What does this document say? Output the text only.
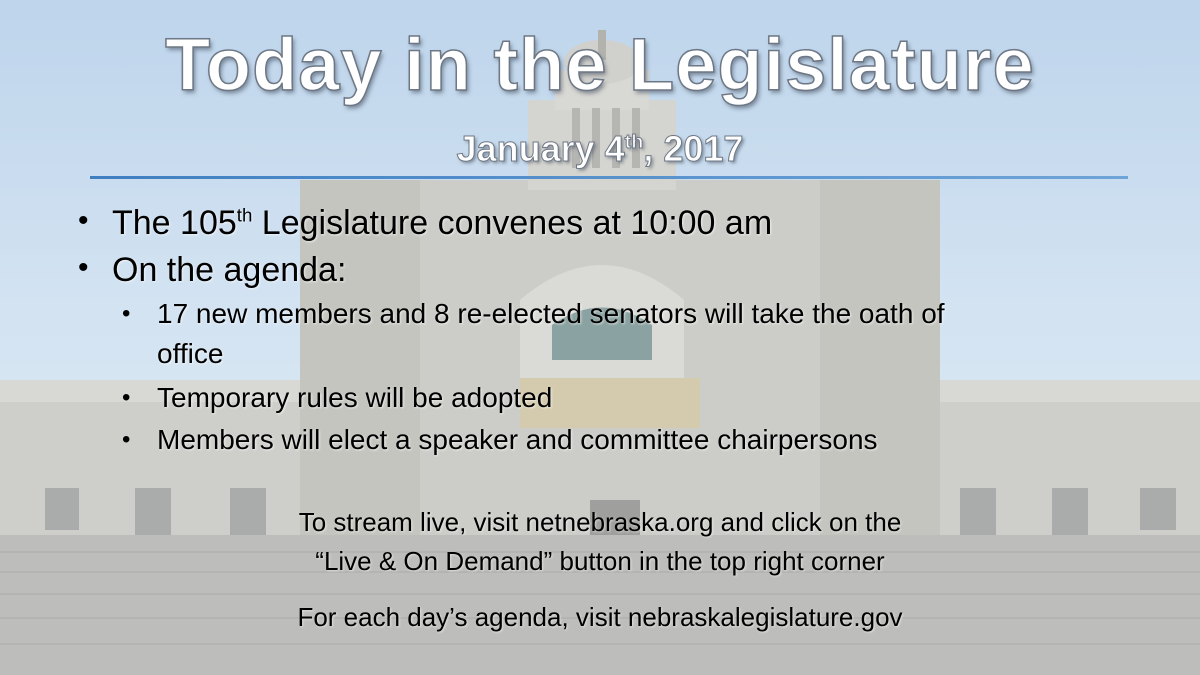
Today in the Legislature
January 4th, 2017
• The 105th Legislature convenes at 10:00 am
• On the agenda:
• 17 new members and 8 re-elected senators will take the oath of
office
• Temporary rules will be adopted
• Members will elect a speaker and committee chairpersons
To stream live, visit netnebraska.org and click on the
“Live & On Demand” button in the top right corner
For each day’s agenda, visit nebraskalegislature.gov
